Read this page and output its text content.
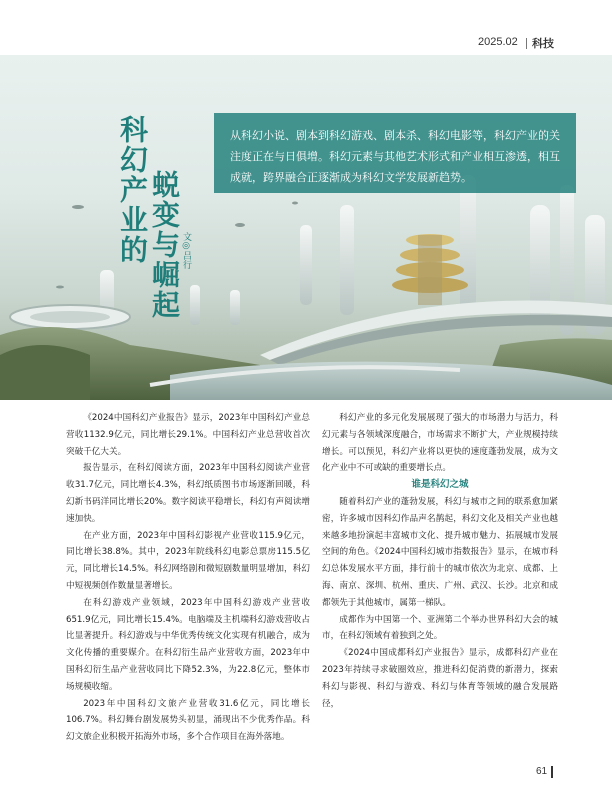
2025.02 科技
科幻产业的 蜕变与崛起 文◎吕行
从科幻小说、剧本到科幻游戏、剧本杀、科幻电影等，科幻产业的关注度正在与日俱增。科幻元素与其他艺术形式和产业相互渗透，相互成就，跨界融合正逐渐成为科幻文学发展新趋势。

《2024中国科幻产业报告》显示，2023年中国科幻产业总营收1132.9亿元，同比增长29.1%。中国科幻产业总营收首次突破千亿大关。

报告显示，在科幻阅读方面，2023年中国科幻阅读产业营收31.7亿元，同比增长4.3%，科幻纸质图书市场逐渐回暖，科幻新书码洋同比增长20%。数字阅读平稳增长，科幻有声阅读增速加快。

在产业方面，2023年中国科幻影视产业营收115.9亿元，同比增长38.8%。其中，2023年院线科幻电影总票房115.5亿元，同比增长14.5%。科幻网络剧和微短剧数量明显增加，科幻中短视频创作数量显著增长。

在科幻游戏产业领域，2023年中国科幻游戏产业营收651.9亿元，同比增长15.4%。电脑端及主机端科幻游戏营收占比显著提升。科幻游戏与中华优秀传统文化实现有机融合，成为文化传播的重要媒介。在科幻衍生品产业营收方面，2023年中国科幻衍生品产业营收同比下降52.3%，为22.8亿元，整体市场规模收缩。

2023年中国科幻文旅产业营收31.6亿元，同比增长106.7%。科幻舞台剧发展势头初显，涌现出不少优秀作品。科幻文旅企业积极开拓海外市场，多个合作项目在海外落地。

科幻产业的多元化发展展现了强大的市场潜力与活力，科幻元素与各领域深度融合，市场需求不断扩大，产业规模持续增长。可以预见，科幻产业将以更快的速度蓬勃发展，成为文化产业中不可或缺的重要增长点。

谁是科幻之城

随着科幻产业的蓬勃发展，科幻与城市之间的联系愈加紧密，许多城市因科幻作品声名鹊起，科幻文化及相关产业也越来越多地扮演起丰富城市文化、提升城市魅力、拓展城市发展空间的角色。《2024中国科幻城市指数报告》显示，在城市科幻总体发展水平方面，排行前十的城市依次为北京、成都、上海、南京、深圳、杭州、重庆、广州、武汉、长沙。北京和成都领先于其他城市，属第一梯队。

成都作为中国第一个、亚洲第二个举办世界科幻大会的城市，在科幻领域有着独到之处。

《2024中国成都科幻产业报告》显示，成都科幻产业在2023年持续寻求破圈效应，推进科幻促消费的新潜力，探索科幻与影视、科幻与游戏、科幻与体育等领域的融合发展路径，

61
